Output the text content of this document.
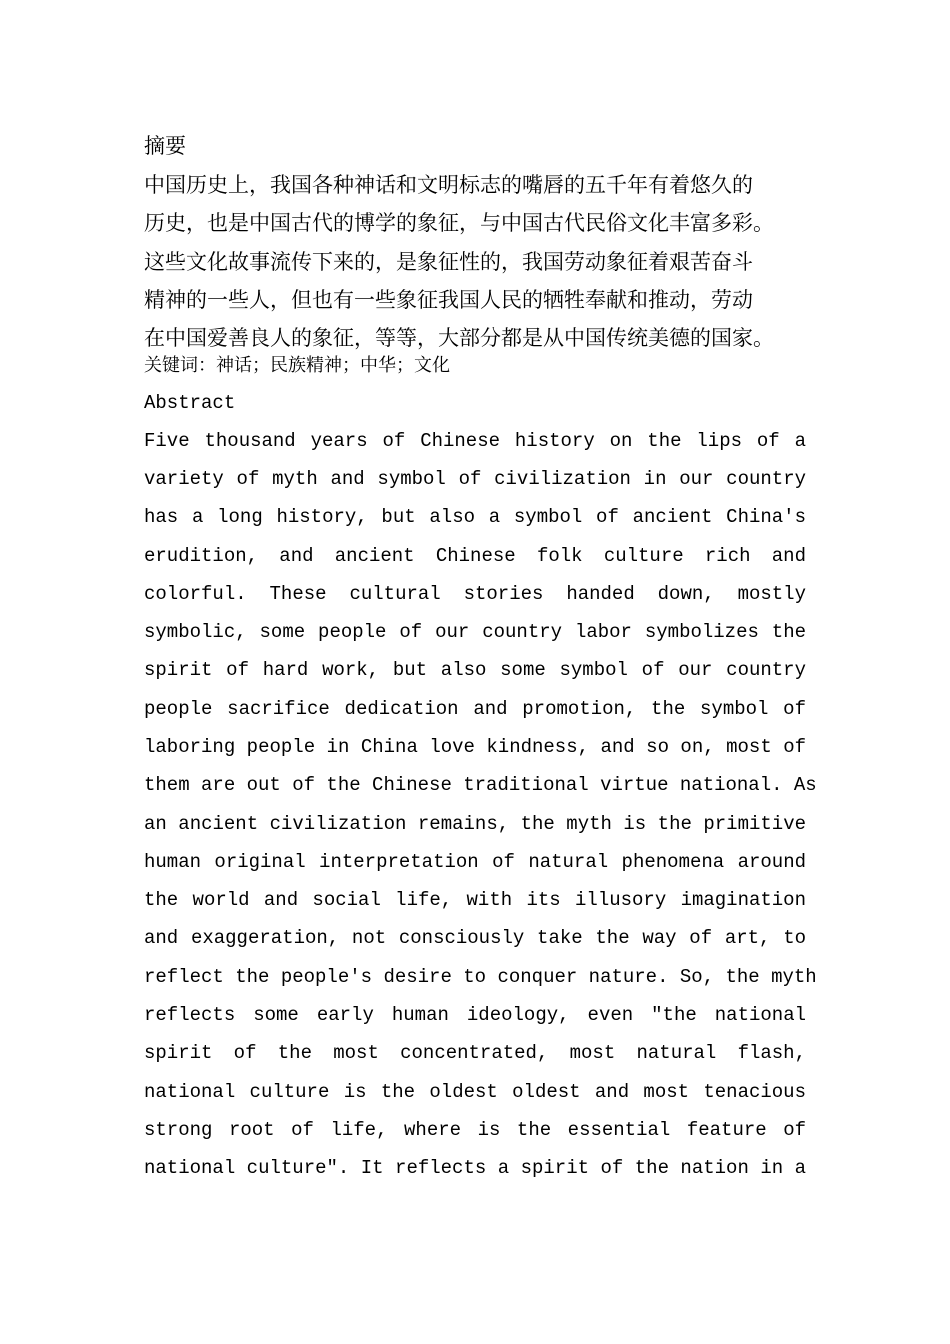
摘要
中国历史上，我国各种神话和文明标志的嘴唇的五千年有着悠久的
历史，也是中国古代的博学的象征，与中国古代民俗文化丰富多彩。
这些文化故事流传下来的，是象征性的，我国劳动象征着艰苦奋斗
精神的一些人，但也有一些象征我国人民的牺牲奉献和推动，劳动
在中国爱善良人的象征，等等，大部分都是从中国传统美德的国家。
关键词：神话；民族精神；中华；文化
Abstract
Five thousand years of Chinese history on the lips of a
variety of myth and symbol of civilization in our country
has a long history, but also a symbol of ancient China's
erudition, and ancient Chinese folk culture rich and
colorful. These cultural stories handed down, mostly
symbolic, some people of our country labor symbolizes the
spirit of hard work, but also some symbol of our country
people sacrifice dedication and promotion, the symbol of
laboring people in China love kindness, and so on, most of
them are out of the Chinese traditional virtue national. As
an ancient civilization remains, the myth is the primitive
human original interpretation of natural phenomena around
the world and social life, with its illusory imagination
and exaggeration, not consciously take the way of art, to
reflect the people's desire to conquer nature. So, the myth
reflects some early human ideology, even "the national
spirit of the most concentrated, most natural flash,
national culture is the oldest oldest and most tenacious
strong root of life, where is the essential feature of
national culture". It reflects a spirit of the nation in a
